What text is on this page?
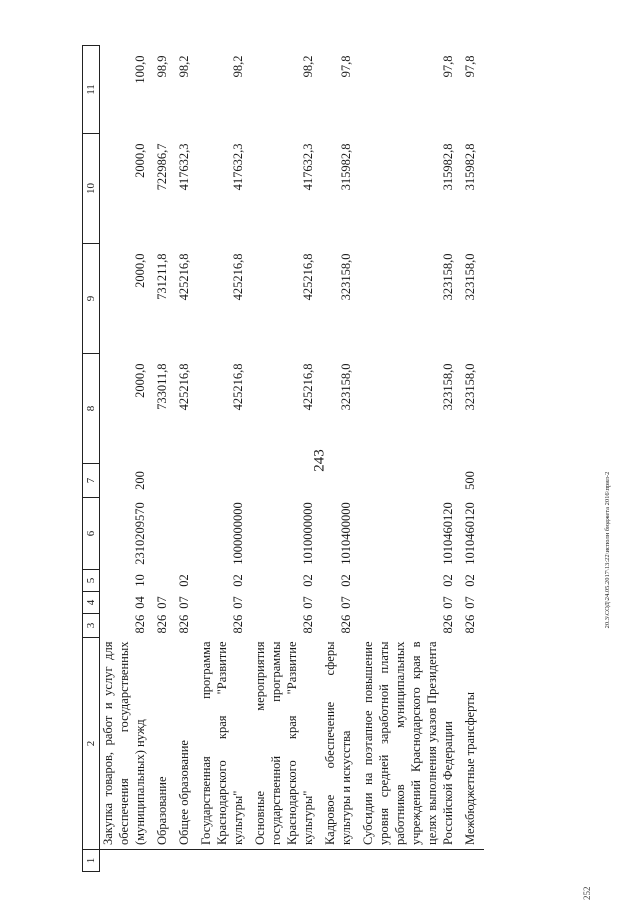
243
252
1	2	3	4	5	6	7	8	9	10	11
	Закупка товаров, работ и услуг для обеспечения государственных (муниципальных) нужд	826	04	10	2310209570	200	2000,0	2000,0	2000,0	100,0
	Образование	826	07				733011,8	731211,8	722986,7	98,9
	Общее образование	826	07	02			425216,8	425216,8	417632,3	98,2
	Государственная программа Краснодарского края "Развитие культуры"	826	07	02	1000000000		425216,8	425216,8	417632,3	98,2
	Основные мероприятия государственной программы Краснодарского края "Развитие культуры"	826	07	02	1010000000		425216,8	425216,8	417632,3	98,2
	Кадровое обеспечение сферы культуры и искусства	826	07	02	1010400000		323158,0	323158,0	315982,8	97,8
	Субсидии на поэтапное повышение уровня средней заработной платы работников муниципальных учреждений Краснодарского края в целях выполнения указов Президента Российской Федерации	826	07	02	1010460120		323158,0	323158,0	315982,8	97,8
	Межбюджетные трансферты	826	07	02	1010460120	500	323158,0	323158,0	315982,8	97,8
20.3\СОД\24.05.2017\13:22\исполн бюджета 2016\прил-2
